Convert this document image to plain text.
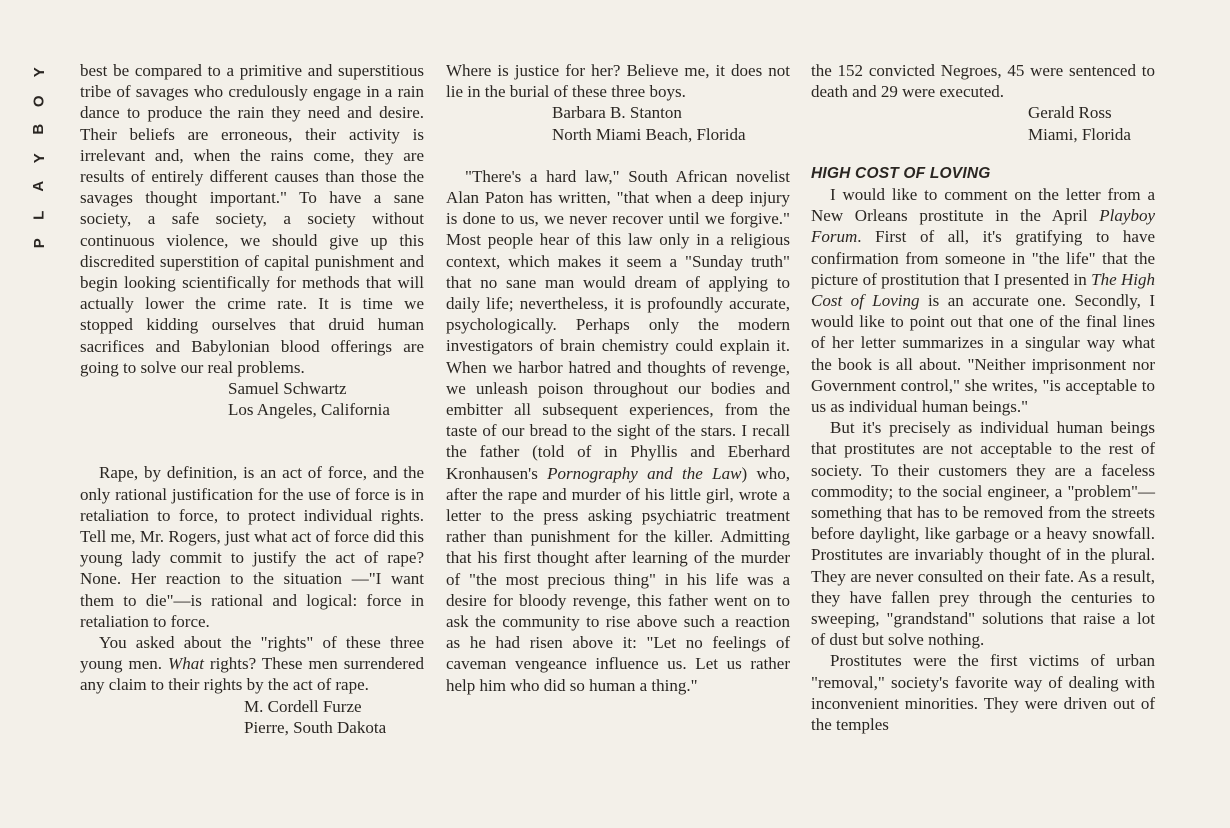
Y
O
B
Y
A
L
P

best be compared to a primitive and superstitious tribe of savages who credulously engage in a rain dance to produce the rain they need and desire. Their beliefs are erroneous, their activity is irrelevant and, when the rains come, they are results of entirely different causes than those the savages thought important." To have a sane society, a safe society, a society without continuous violence, we should give up this discredited superstition of capital punishment and begin looking scientifically for methods that will actually lower the crime rate. It is time we stopped kidding ourselves that druid human sacrifices and Babylonian blood offerings are going to solve our real problems.

Samuel Schwartz

Los Angeles, California

Rape, by definition, is an act of force, and the only rational justification for the use of force is in retaliation to force, to protect individual rights. Tell me, Mr. Rogers, just what act of force did this young lady commit to justify the act of rape? None. Her reaction to the situation —"I want them to die"—is rational and logical: force in retaliation to force.

You asked about the "rights" of these three young men. What rights? These men surrendered any claim to their rights by the act of rape.

M. Cordell Furze

Pierre, South Dakota

Where is justice for her? Believe me, it does not lie in the burial of these three boys.

Barbara B. Stanton

North Miami Beach, Florida

"There's a hard law," South African novelist Alan Paton has written, "that when a deep injury is done to us, we never recover until we forgive." Most people hear of this law only in a religious context, which makes it seem a "Sunday truth" that no sane man would dream of applying to daily life; nevertheless, it is profoundly accurate, psychologically. Perhaps only the modern investigators of brain chemistry could explain it. When we harbor hatred and thoughts of revenge, we unleash poison throughout our bodies and embitter all subsequent experiences, from the taste of our bread to the sight of the stars. I recall the father (told of in Phyllis and Eberhard Kronhausen's Pornography and the Law) who, after the rape and murder of his little girl, wrote a letter to the press asking psychiatric treatment rather than punishment for the killer. Admitting that his first thought after learning of the murder of "the most precious thing" in his life was a desire for bloody revenge, this father went on to ask the community to rise above such a reaction as he had risen above it: "Let no feelings of caveman vengeance influence us. Let us rather help him who did so human a thing."

the 152 convicted Negroes, 45 were sentenced to death and 29 were executed.

Gerald Ross

Miami, Florida

HIGH COST OF LOVING

I would like to comment on the letter from a New Orleans prostitute in the April Playboy Forum. First of all, it's gratifying to have confirmation from someone in "the life" that the picture of prostitution that I presented in The High Cost of Loving is an accurate one. Secondly, I would like to point out that one of the final lines of her letter summarizes in a singular way what the book is all about. "Neither imprisonment nor Government control," she writes, "is acceptable to us as individual human beings."

But it's precisely as individual human beings that prostitutes are not acceptable to the rest of society. To their customers they are a faceless commodity; to the social engineer, a "problem"—something that has to be removed from the streets before daylight, like garbage or a heavy snowfall. Prostitutes are invariably thought of in the plural. They are never consulted on their fate. As a result, they have fallen prey through the centuries to sweeping, "grandstand" solutions that raise a lot of dust but solve nothing.

Prostitutes were the first victims of urban "removal," society's favorite way of dealing with inconvenient minorities. They were driven out of the temples
